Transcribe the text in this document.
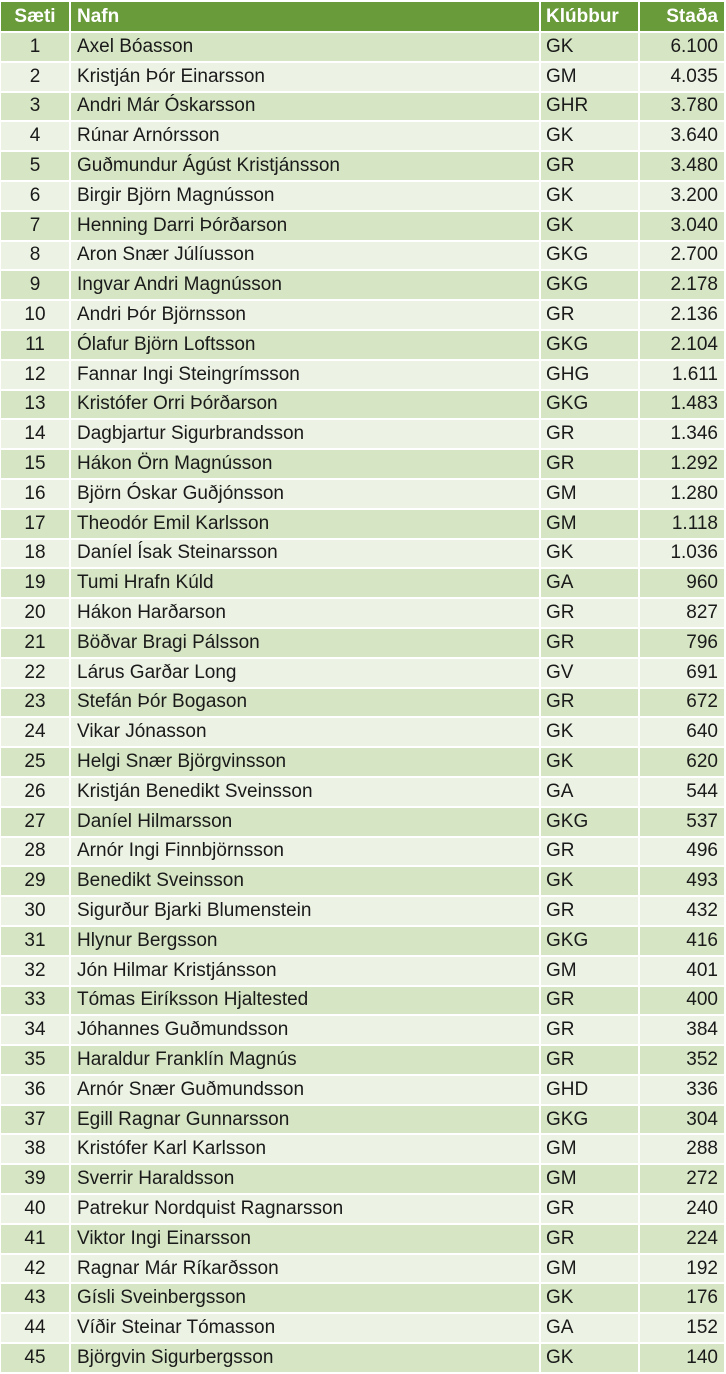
Sæti	Nafn	Klúbbur	Staða
1	Axel Bóasson	GK	6.100
2	Kristján Þór Einarsson	GM	4.035
3	Andri Már Óskarsson	GHR	3.780
4	Rúnar Arnórsson	GK	3.640
5	Guðmundur Ágúst Kristjánsson	GR	3.480
6	Birgir Björn Magnússon	GK	3.200
7	Henning Darri Þórðarson	GK	3.040
8	Aron Snær Júlíusson	GKG	2.700
9	Ingvar Andri Magnússon	GKG	2.178
10	Andri Þór Björnsson	GR	2.136
11	Ólafur Björn Loftsson	GKG	2.104
12	Fannar Ingi Steingrímsson	GHG	1.611
13	Kristófer Orri Þórðarson	GKG	1.483
14	Dagbjartur Sigurbrandsson	GR	1.346
15	Hákon Örn Magnússon	GR	1.292
16	Björn Óskar Guðjónsson	GM	1.280
17	Theodór Emil Karlsson	GM	1.118
18	Daníel Ísak Steinarsson	GK	1.036
19	Tumi Hrafn Kúld	GA	960
20	Hákon Harðarson	GR	827
21	Böðvar Bragi Pálsson	GR	796
22	Lárus Garðar Long	GV	691
23	Stefán Þór Bogason	GR	672
24	Vikar Jónasson	GK	640
25	Helgi Snær Björgvinsson	GK	620
26	Kristján Benedikt Sveinsson	GA	544
27	Daníel Hilmarsson	GKG	537
28	Arnór Ingi Finnbjörnsson	GR	496
29	Benedikt Sveinsson	GK	493
30	Sigurður Bjarki Blumenstein	GR	432
31	Hlynur Bergsson	GKG	416
32	Jón Hilmar Kristjánsson	GM	401
33	Tómas Eiríksson Hjaltested	GR	400
34	Jóhannes Guðmundsson	GR	384
35	Haraldur Franklín Magnús	GR	352
36	Arnór Snær Guðmundsson	GHD	336
37	Egill Ragnar Gunnarsson	GKG	304
38	Kristófer Karl Karlsson	GM	288
39	Sverrir Haraldsson	GM	272
40	Patrekur Nordquist Ragnarsson	GR	240
41	Viktor Ingi Einarsson	GR	224
42	Ragnar Már Ríkarðsson	GM	192
43	Gísli Sveinbergsson	GK	176
44	Víðir Steinar Tómasson	GA	152
45	Björgvin Sigurbergsson	GK	140
